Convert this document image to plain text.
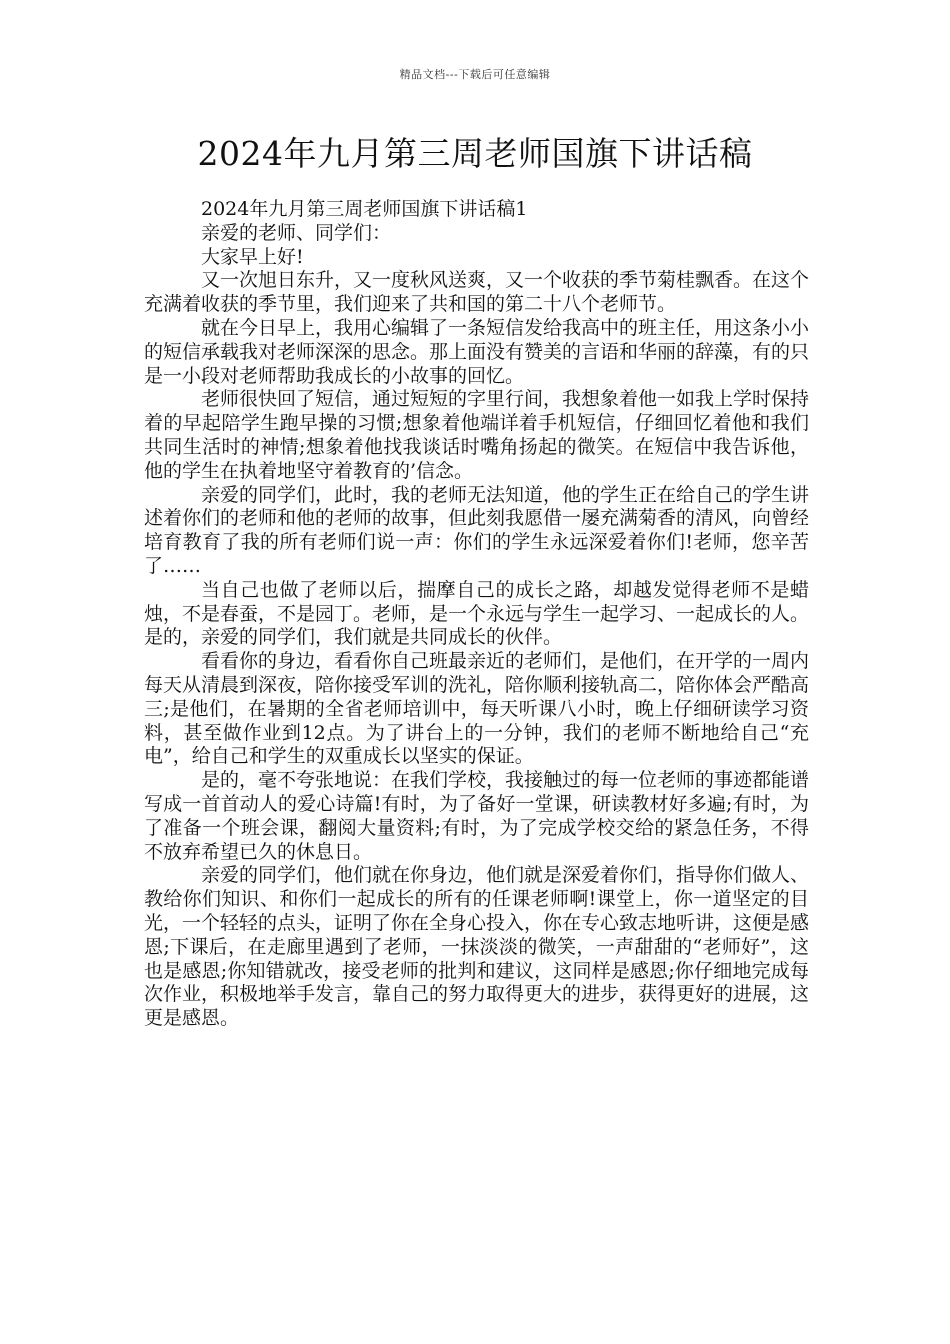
精品文档---下载后可任意编辑
2024年九月第三周老师国旗下讲话稿

2024年九月第三周老师国旗下讲话稿1

亲爱的老师、同学们：

大家早上好!

又一次旭日东升，又一度秋风送爽，又一个收获的季节菊桂飘香。在这个充满着收获的季节里，我们迎来了共和国的第二十八个老师节。

就在今日早上，我用心编辑了一条短信发给我高中的班主任，用这条小小的短信承载我对老师深深的思念。那上面没有赞美的言语和华丽的辞藻，有的只是一小段对老师帮助我成长的小故事的回忆。

老师很快回了短信，通过短短的字里行间，我想象着他一如我上学时保持着的早起陪学生跑早操的习惯;想象着他端详着手机短信，仔细回忆着他和我们共同生活时的神情;想象着他找我谈话时嘴角扬起的微笑。在短信中我告诉他，他的学生在执着地坚守着教育的’信念。

亲爱的同学们，此时，我的老师无法知道，他的学生正在给自己的学生讲述着你们的老师和他的老师的故事，但此刻我愿借一屡充满菊香的清风，向曾经培育教育了我的所有老师们说一声：你们的学生永远深爱着你们!老师，您辛苦了……

当自己也做了老师以后，揣摩自己的成长之路，却越发觉得老师不是蜡烛，不是春蚕，不是园丁。老师，是一个永远与学生一起学习、一起成长的人。是的，亲爱的同学们，我们就是共同成长的伙伴。

看看你的身边，看看你自己班最亲近的老师们，是他们，在开学的一周内每天从清晨到深夜，陪你接受军训的洗礼，陪你顺利接轨高二，陪你体会严酷高三;是他们，在暑期的全省老师培训中，每天听课八小时，晚上仔细研读学习资料，甚至做作业到12点。为了讲台上的一分钟，我们的老师不断地给自己“充电”，给自己和学生的双重成长以坚实的保证。

是的，毫不夸张地说：在我们学校，我接触过的每一位老师的事迹都能谱写成一首首动人的爱心诗篇!有时，为了备好一堂课，研读教材好多遍;有时，为了准备一个班会课，翻阅大量资料;有时，为了完成学校交给的紧急任务，不得不放弃希望已久的休息日。

亲爱的同学们，他们就在你身边，他们就是深爱着你们，指导你们做人、教给你们知识、和你们一起成长的所有的任课老师啊!课堂上，你一道坚定的目光，一个轻轻的点头，证明了你在全身心投入，你在专心致志地听讲，这便是感恩;下课后，在走廊里遇到了老师，一抹淡淡的微笑，一声甜甜的“老师好”，这也是感恩;你知错就改，接受老师的批判和建议，这同样是感恩;你仔细地完成每次作业，积极地举手发言，靠自己的努力取得更大的进步，获得更好的进展，这更是感恩。
